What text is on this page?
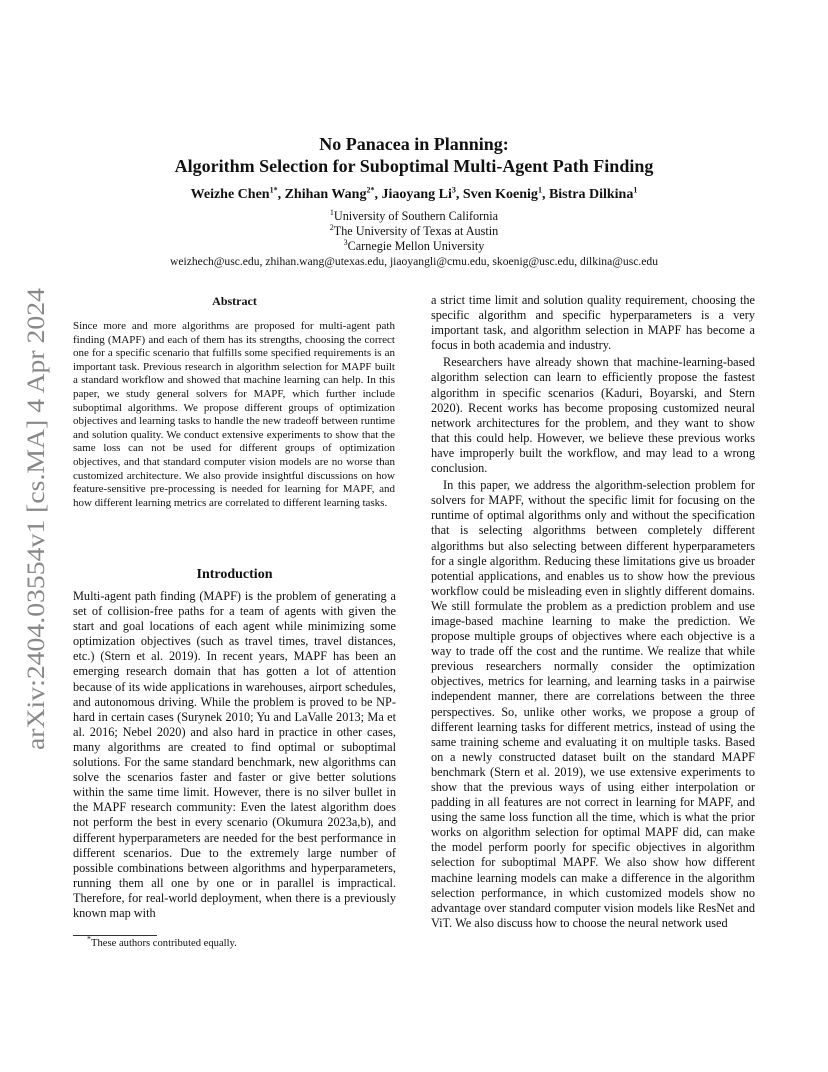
arXiv:2404.03554v1 [cs.MA] 4 Apr 2024
No Panacea in Planning:
Algorithm Selection for Suboptimal Multi-Agent Path Finding
Weizhe Chen$^{1*}$, Zhihan Wang$^{2*}$, Jiaoyang Li$^3$, Sven Koenig$^1$, Bistra Dilkina$^1$
$^1$University of Southern California
$^2$The University of Texas at Austin
$^3$Carnegie Mellon University
weizhech@usc.edu, zhihan.wang@utexas.edu, jiaoyangli@cmu.edu, skoenig@usc.edu, dilkina@usc.edu
Abstract
Since more and more algorithms are proposed for multi-agent path finding (MAPF) and each of them has its strengths, choosing the correct one for a specific scenario that fulfills some specified requirements is an important task. Previous research in algorithm selection for MAPF built a standard workflow and showed that machine learning can help. In this paper, we study general solvers for MAPF, which further include suboptimal algorithms. We propose different groups of optimization objectives and learning tasks to handle the new tradeoff between runtime and solution quality. We conduct extensive experiments to show that the same loss can not be used for different groups of optimization objectives, and that standard computer vision models are no worse than customized architecture. We also provide insightful discussions on how feature-sensitive pre-processing is needed for learning for MAPF, and how different learning metrics are correlated to different learning tasks.
Introduction
Multi-agent path finding (MAPF) is the problem of generating a set of collision-free paths for a team of agents with given the start and goal locations of each agent while minimizing some optimization objectives (such as travel times, travel distances, etc.) (Stern et al. 2019). In recent years, MAPF has been an emerging research domain that has gotten a lot of attention because of its wide applications in warehouses, airport schedules, and autonomous driving. While the problem is proved to be NP-hard in certain cases (Surynek 2010; Yu and LaValle 2013; Ma et al. 2016; Nebel 2020) and also hard in practice in other cases, many algorithms are created to find optimal or suboptimal solutions. For the same standard benchmark, new algorithms can solve the scenarios faster and faster or give better solutions within the same time limit. However, there is no silver bullet in the MAPF research community: Even the latest algorithm does not perform the best in every scenario (Okumura 2023a,b), and different hyperparameters are needed for the best performance in different scenarios. Due to the extremely large number of possible combinations between algorithms and hyperparameters, running them all one by one or in parallel is impractical. Therefore, for real-world deployment, when there is a previously known map with
*These authors contributed equally.

a strict time limit and solution quality requirement, choosing the specific algorithm and specific hyperparameters is a very important task, and algorithm selection in MAPF has become a focus in both academia and industry.

Researchers have already shown that machine-learning-based algorithm selection can learn to efficiently propose the fastest algorithm in specific scenarios (Kaduri, Boyarski, and Stern 2020). Recent works has become proposing customized neural network architectures for the problem, and they want to show that this could help. However, we believe these previous works have improperly built the workflow, and may lead to a wrong conclusion.

In this paper, we address the algorithm-selection problem for solvers for MAPF, without the specific limit for focusing on the runtime of optimal algorithms only and without the specification that is selecting algorithms between completely different algorithms but also selecting between different hyperparameters for a single algorithm. Reducing these limitations give us broader potential applications, and enables us to show how the previous workflow could be misleading even in slightly different domains. We still formulate the problem as a prediction problem and use image-based machine learning to make the prediction. We propose multiple groups of objectives where each objective is a way to trade off the cost and the runtime. We realize that while previous researchers normally consider the optimization objectives, metrics for learning, and learning tasks in a pairwise independent manner, there are correlations between the three perspectives. So, unlike other works, we propose a group of different learning tasks for different metrics, instead of using the same training scheme and evaluating it on multiple tasks. Based on a newly constructed dataset built on the standard MAPF benchmark (Stern et al. 2019), we use extensive experiments to show that the previous ways of using either interpolation or padding in all features are not correct in learning for MAPF, and using the same loss function all the time, which is what the prior works on algorithm selection for optimal MAPF did, can make the model perform poorly for specific objectives in algorithm selection for suboptimal MAPF. We also show how different machine learning models can make a difference in the algorithm selection performance, in which customized models show no advantage over standard computer vision models like ResNet and ViT. We also discuss how to choose the neural network used
